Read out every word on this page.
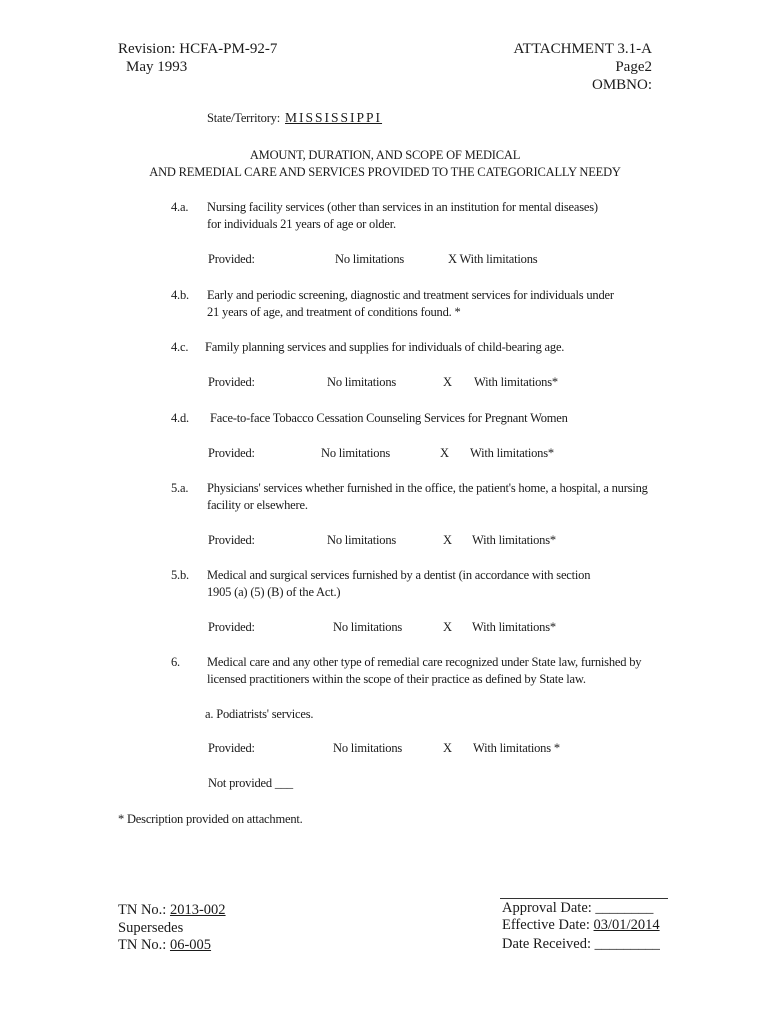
Revision: HCFA-PM-92-7
May 1993
ATTACHMENT 3.1-A
Page2
OMBNO:
State/Territory: MISSISSIPPI
AMOUNT, DURATION, AND SCOPE OF MEDICAL
AND REMEDIAL CARE AND SERVICES PROVIDED TO THE CATEGORICALLY NEEDY
4.a. Nursing facility services (other than services in an institution for mental diseases)
for individuals 21 years of age or older.
Provided:	No limitations	X With limitations
4.b. Early and periodic screening, diagnostic and treatment services for individuals under
21 years of age, and treatment of conditions found. *
4.c. Family planning services and supplies for individuals of child-bearing age.
Provided:	No limitations	X With limitations*
4.d. Face-to-face Tobacco Cessation Counseling Services for Pregnant Women
Provided:	No limitations	X With limitations*
5.a. Physicians' services whether furnished in the office, the patient's home, a hospital, a nursing
facility or elsewhere.
Provided:	No limitations	X With limitations*
5.b. Medical and surgical services furnished by a dentist (in accordance with section
1905 (a) (5) (B) of the Act.)
Provided:	No limitations	X With limitations*
6. Medical care and any other type of remedial care recognized under State law, furnished by
licensed practitioners within the scope of their practice as defined by State law.
a. Podiatrists' services.
Provided:	No limitations	X With limitations *
Not provided ___
* Description provided on attachment.
TN No.: 2013-002
Supersedes
TN No.: 06-005
Approval Date: ________
Effective Date: 03/01/2014
Date Received: _________
